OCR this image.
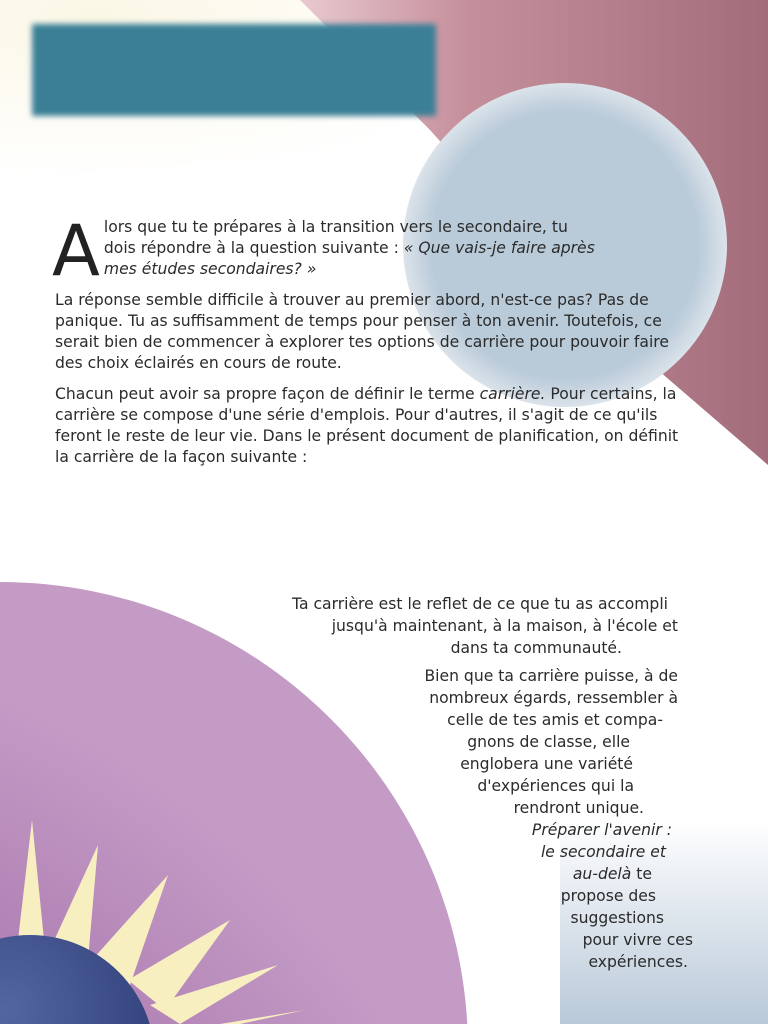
Alors que tu te prépares à la transition vers le secondaire, tu
dois répondre à la question suivante : « Que vais-je faire après
mes études secondaires? »

La réponse semble difficile à trouver au premier abord, n'est-ce pas? Pas de panique. Tu as suffisamment de temps pour penser à ton avenir. Toutefois, ce serait bien de commencer à explorer tes options de carrière pour pouvoir faire des choix éclairés en cours de route.

Chacun peut avoir sa propre façon de définir le terme carrière. Pour certains, la carrière se compose d'une série d'emplois. Pour d'autres, il s'agit de ce qu'ils feront le reste de leur vie. Dans le présent document de planification, on définit la carrière de la façon suivante :

Ta carrière est le reflet de ce que tu as accompli
jusqu'à maintenant, à la maison, à l'école et
dans ta communauté.
Bien que ta carrière puisse, à de
nombreux égards, ressembler à
celle de tes amis et compa-
gnons de classe, elle
englobera une variété
d'expériences qui la
rendront unique.
Préparer l'avenir :
le secondaire et
au-delà te
propose des
suggestions
pour vivre ces
expériences.
